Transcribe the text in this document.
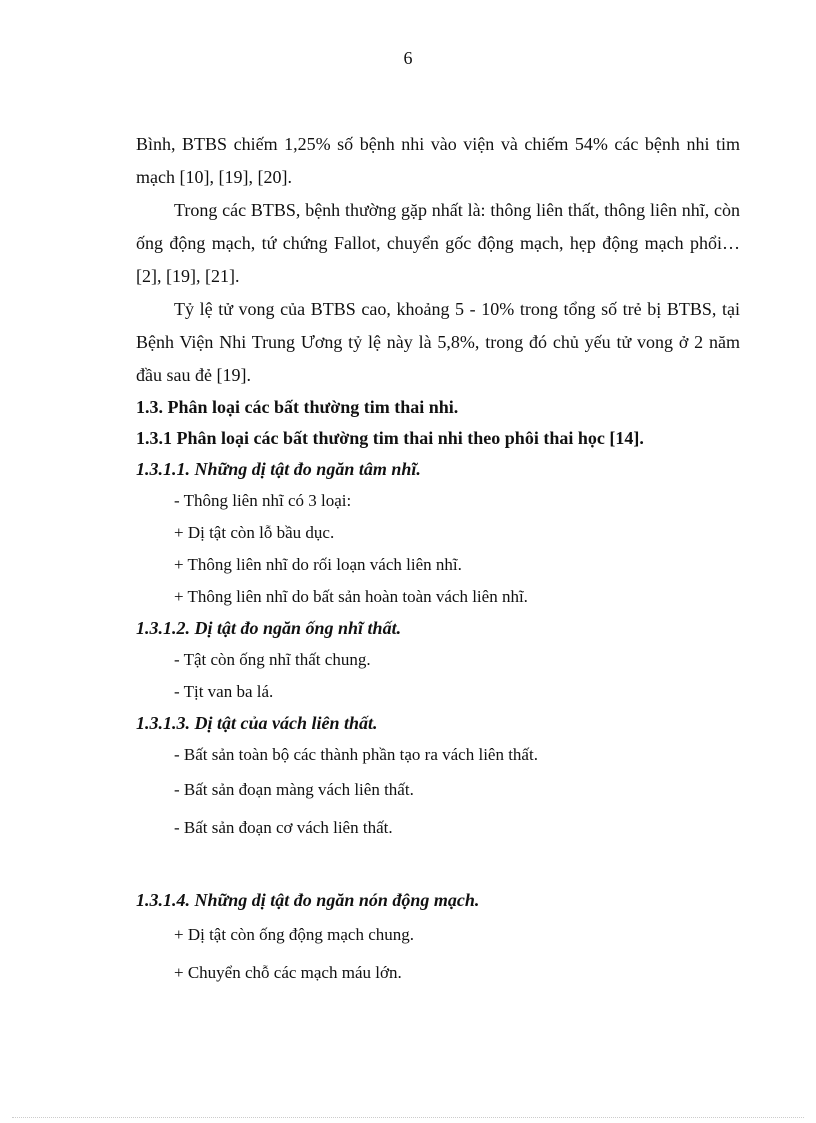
6

Bình, BTBS chiếm 1,25% số bệnh nhi vào viện và chiếm 54% các bệnh nhi tim mạch [10], [19], [20].

Trong các BTBS, bệnh thường gặp nhất là: thông liên thất, thông liên nhĩ, còn ống động mạch, tứ chứng Fallot, chuyển gốc động mạch, hẹp động mạch phổi… [2], [19], [21].

Tỷ lệ tử vong của BTBS cao, khoảng 5 - 10% trong tổng số trẻ bị BTBS, tại Bệnh Viện Nhi Trung Ương tỷ lệ này là 5,8%, trong đó chủ yếu tử vong ở 2 năm đầu sau đẻ [19].

1.3. Phân loại các bất thường tim thai nhi.

1.3.1 Phân loại các bất thường tim thai nhi theo phôi thai học [14].

1.3.1.1. Những dị tật đo ngăn tâm nhĩ.

- Thông liên nhĩ có 3 loại:

+ Dị tật còn lỗ bầu dục.

+ Thông liên nhĩ do rối loạn vách liên nhĩ.

+ Thông liên nhĩ do bất sản hoàn toàn vách liên nhĩ.

1.3.1.2. Dị tật đo ngăn ống nhĩ thất.

- Tật còn ống nhĩ thất chung.

- Tịt van ba lá.

1.3.1.3. Dị tật của vách liên thất.

- Bất sản toàn bộ các thành phần tạo ra vách liên thất.

- Bất sản đoạn màng vách liên thất.

- Bất sản đoạn cơ vách liên thất.

1.3.1.4. Những dị tật đo ngăn nón động mạch.

+ Dị tật còn ống động mạch chung.

+ Chuyển chỗ các mạch máu lớn.
